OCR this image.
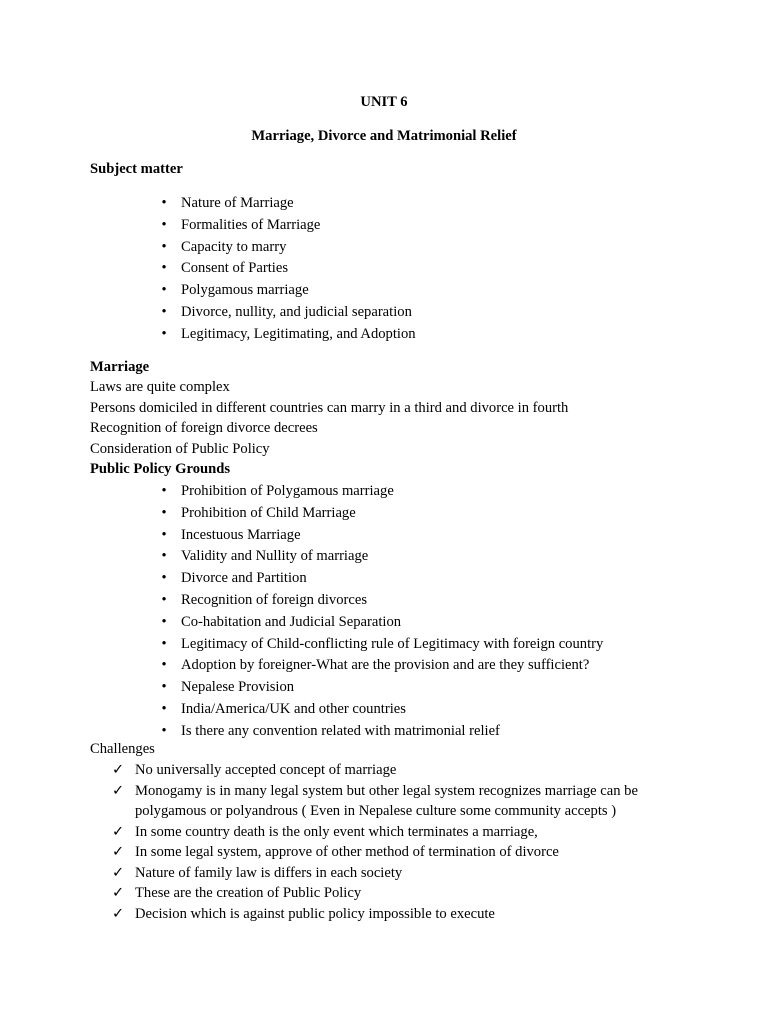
UNIT 6
Marriage, Divorce and Matrimonial Relief
Subject matter
• Nature of Marriage
• Formalities of Marriage
• Capacity to marry
• Consent of Parties
• Polygamous marriage
• Divorce, nullity, and judicial separation
• Legitimacy, Legitimating, and Adoption
Marriage
Laws are quite complex
Persons domiciled in different countries can marry in a third and divorce in fourth
Recognition of foreign divorce decrees
Consideration of Public Policy
Public Policy Grounds
• Prohibition of Polygamous marriage
• Prohibition of Child Marriage
• Incestuous Marriage
• Validity and Nullity of marriage
• Divorce and Partition
• Recognition of foreign divorces
• Co-habitation and Judicial Separation
• Legitimacy of Child-conflicting rule of Legitimacy with foreign country
• Adoption by foreigner-What are the provision and are they sufficient?
• Nepalese Provision
• India/America/UK and other countries
• Is there any convention related with matrimonial relief
Challenges
✓ No universally accepted concept of marriage
✓ Monogamy is in many legal system but other legal system recognizes marriage can be polygamous or polyandrous ( Even in Nepalese culture some community accepts )
✓ In some country death is the only event which terminates a marriage,
✓ In some legal system, approve of other method of termination of divorce
✓ Nature of family law is differs in each society
✓ These are the creation of Public Policy
✓ Decision which is against public policy impossible to execute
